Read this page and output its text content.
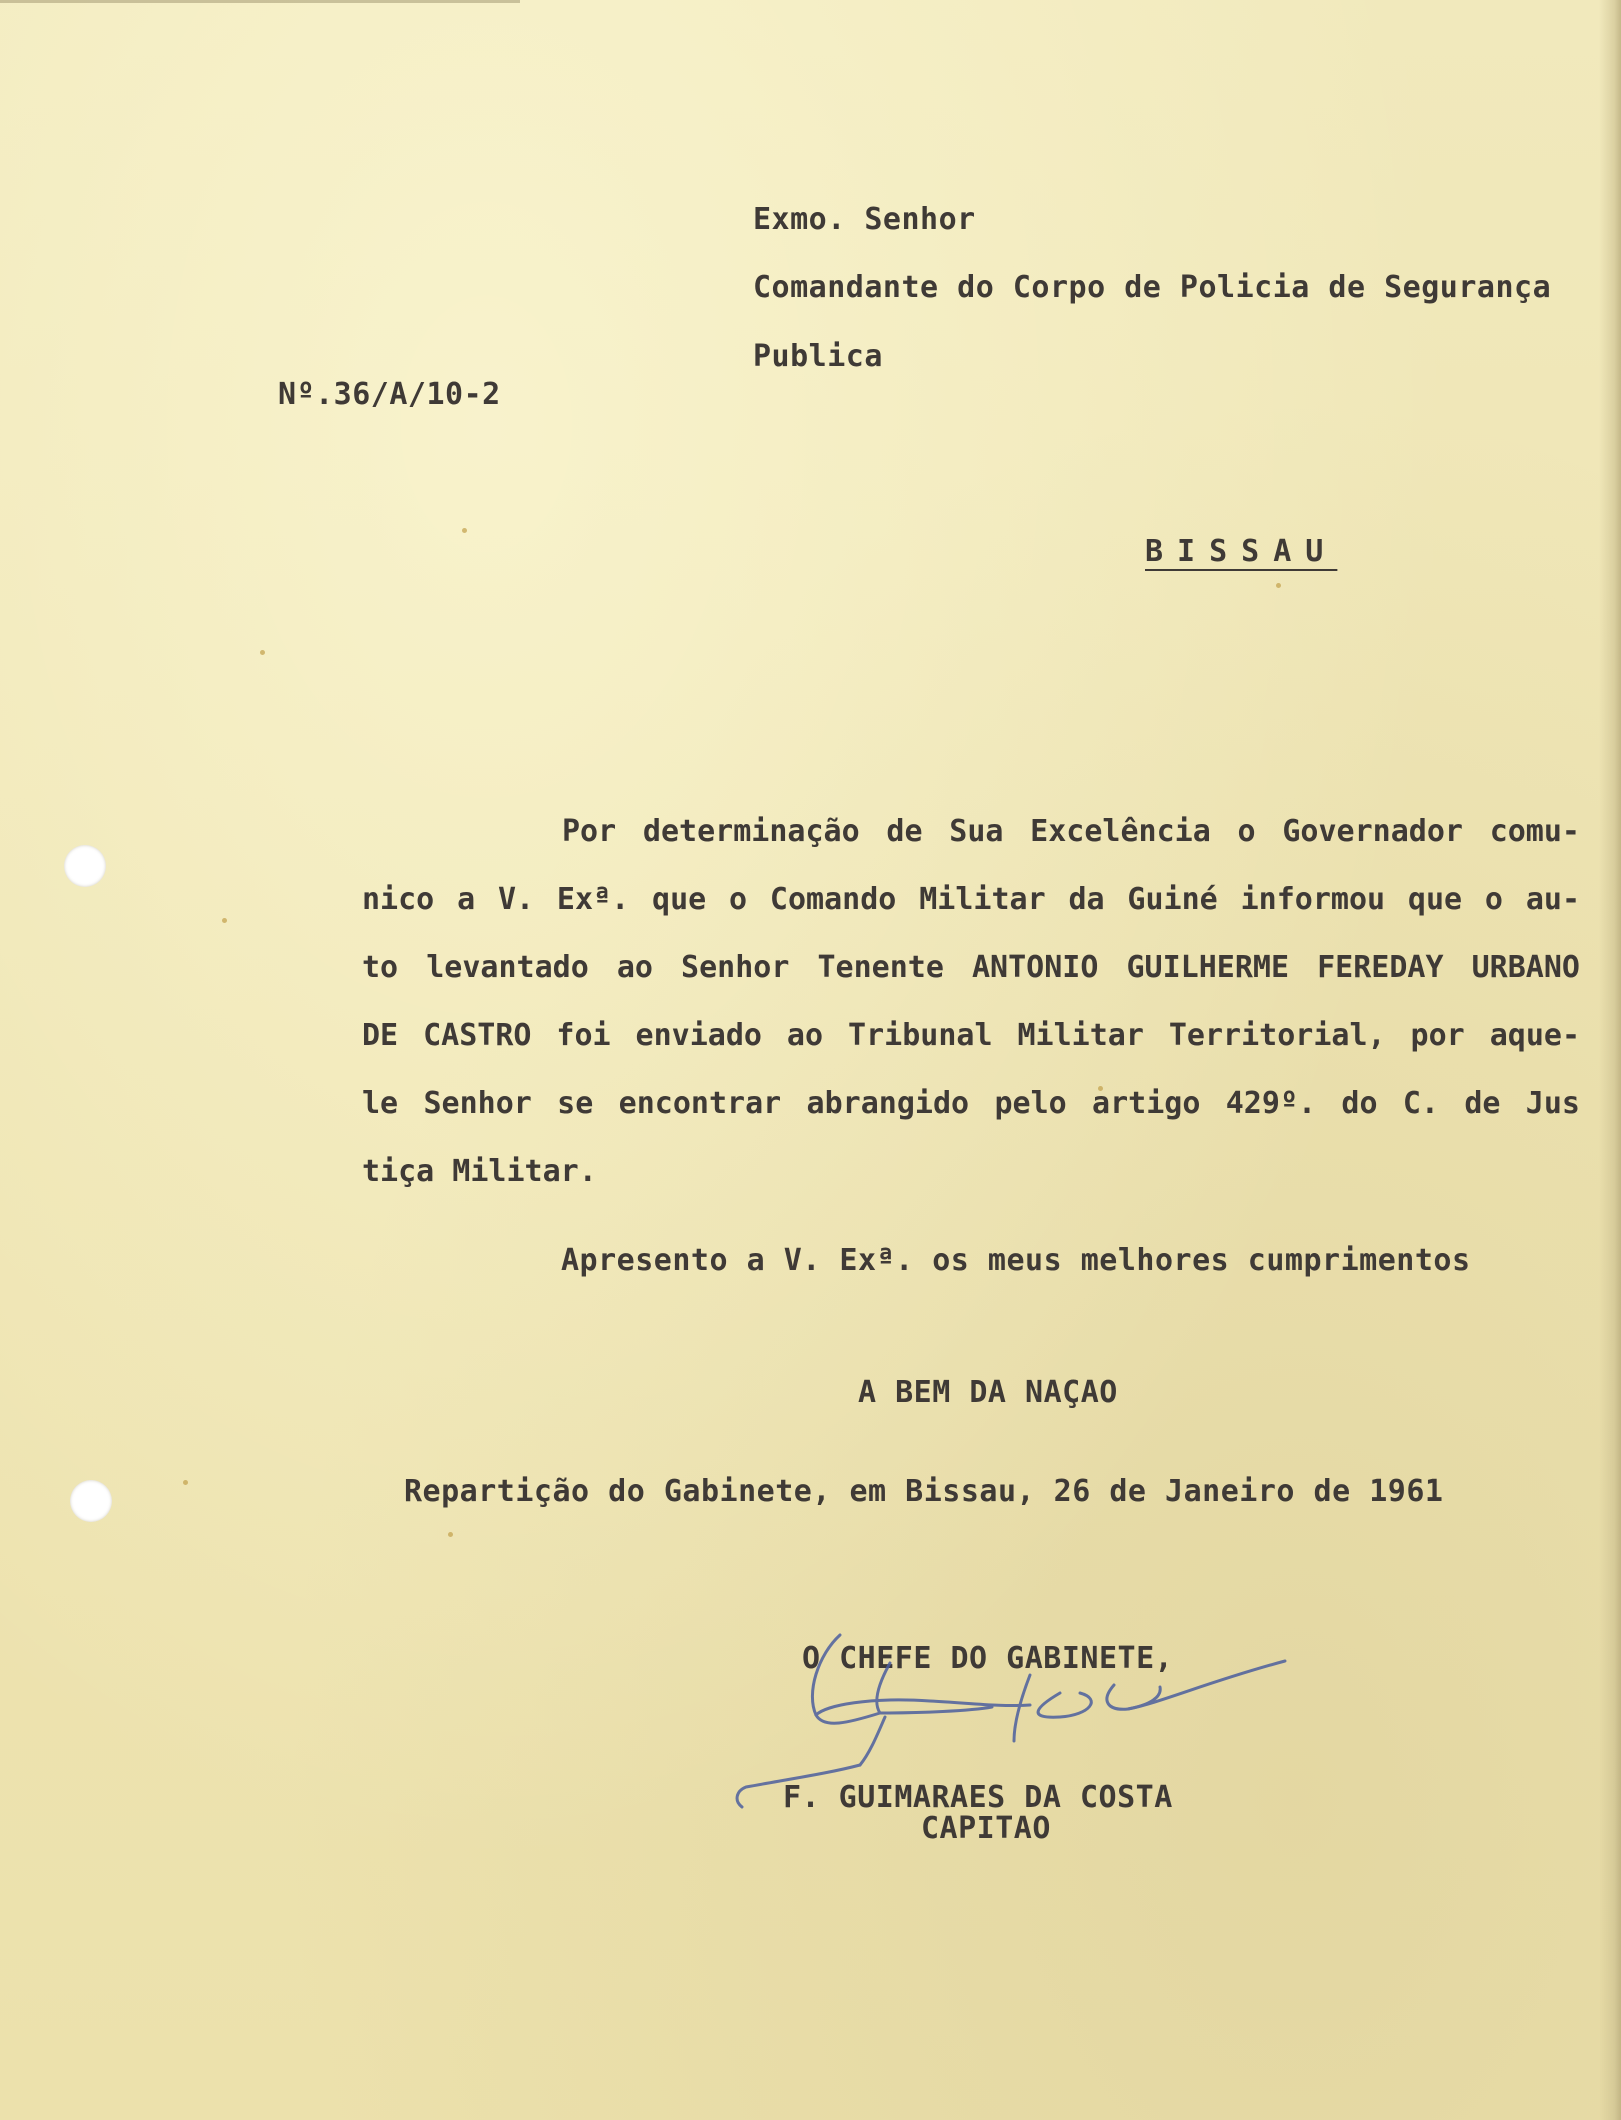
Exmo. Senhor

Comandante do Corpo de Policia de Segurança

Publica

Nº.36/A/10-2

BISSAU

Por determinação de Sua Excelência o Governador comu-
nico a V. Exª. que o Comando Militar da Guiné informou que o au-
to levantado ao Senhor Tenente ANTONIO GUILHERME FEREDAY URBANO
DE CASTRO foi enviado ao Tribunal Militar Territorial, por aque-
le Senhor se encontrar abrangido pelo artigo 429º. do C. de Jus
tiça Militar.

Apresento a V. Exª. os meus melhores cumprimentos

A BEM DA NAÇAO

Repartição do Gabinete, em Bissau, 26 de Janeiro de 1961

O CHEFE DO GABINETE,

F. GUIMARAES DA COSTA

CAPITAO
